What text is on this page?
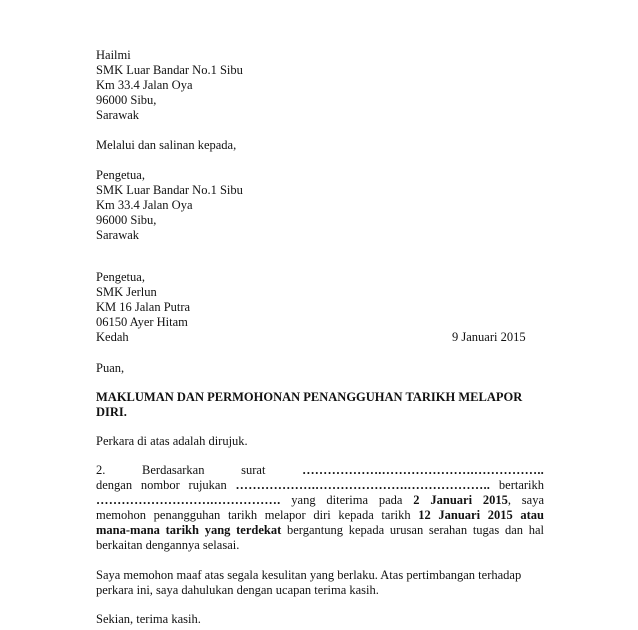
Hailmi
SMK Luar Bandar No.1 Sibu
Km 33.4 Jalan Oya
96000 Sibu,
Sarawak
Melalui dan salinan kepada,
Pengetua,
SMK Luar Bandar No.1 Sibu
Km 33.4 Jalan Oya
96000 Sibu,
Sarawak
Pengetua,
SMK Jerlun
KM 16 Jalan Putra
06150 Ayer Hitam
Kedah	9 Januari 2015
Puan,
MAKLUMAN DAN PERMOHONAN PENANGGUHAN TARIKH MELAPOR
DIRI.
Perkara di atas adalah dirujuk.
2.	Berdasarkan	surat	……………….………………….……………..
dengan nombor rujukan ……………….………………….……………….. bertarikh
……………………….……………. yang diterima pada 2 Januari 2015, saya
memohon penangguhan tarikh melapor diri kepada tarikh 12 Januari 2015 atau
mana-mana tarikh yang terdekat bergantung kepada urusan serahan tugas dan hal
berkaitan dengannya selasai.
Saya memohon maaf atas segala kesulitan yang berlaku. Atas pertimbangan terhadap
perkara ini, saya dahulukan dengan ucapan terima kasih.
Sekian, terima kasih.
